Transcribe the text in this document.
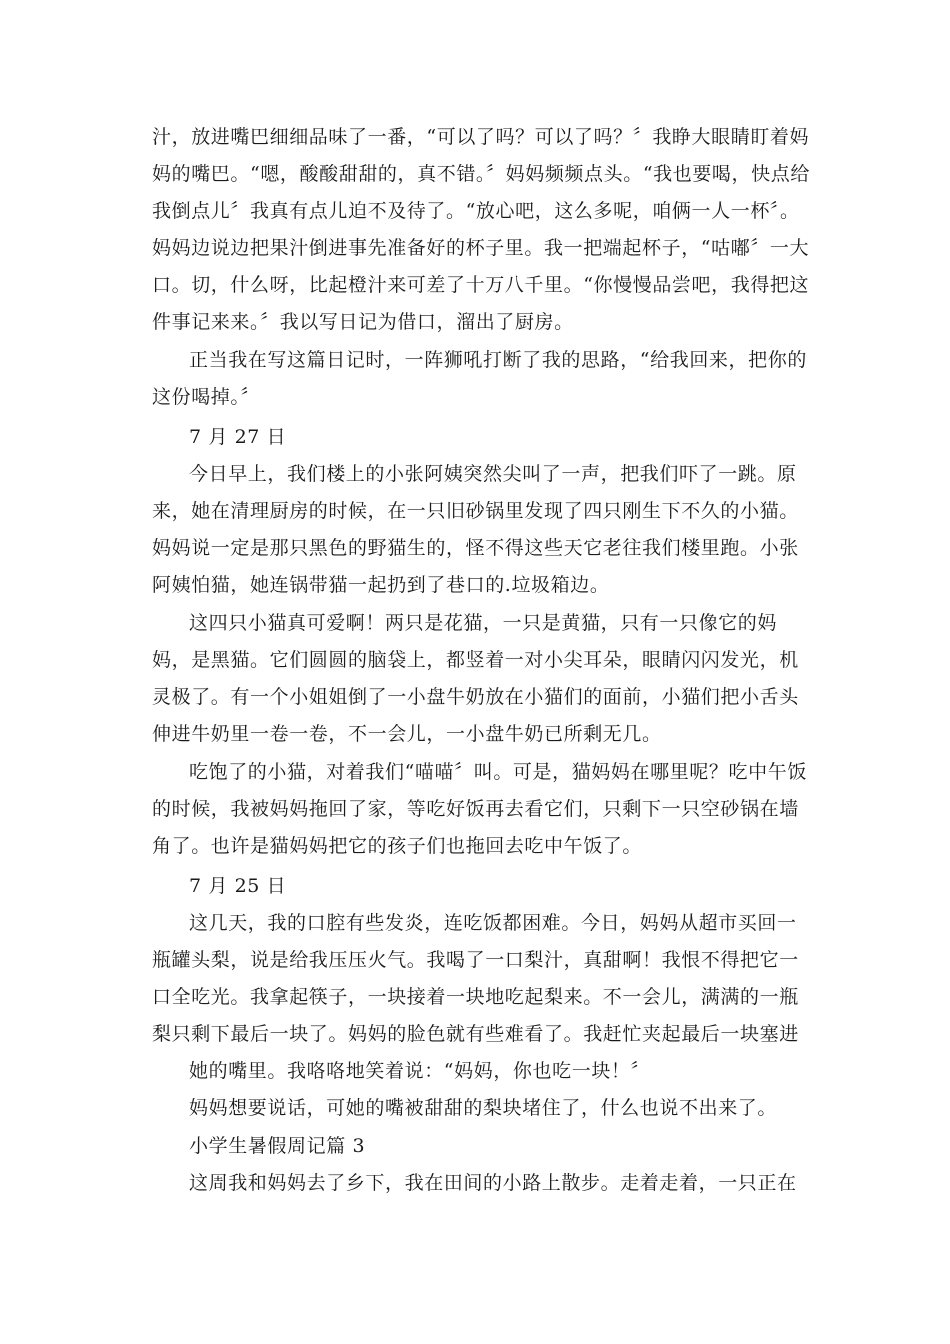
汁，放进嘴巴细细品味了一番，“可以了吗？可以了吗？〞我睁大眼睛盯着妈
妈的嘴巴。“嗯，酸酸甜甜的，真不错。〞妈妈频频点头。“我也要喝，快点给
我倒点儿〞我真有点儿迫不及待了。“放心吧，这么多呢，咱俩一人一杯〞。
妈妈边说边把果汁倒进事先准备好的杯子里。我一把端起杯子，“咕嘟〞一大
口。切，什么呀，比起橙汁来可差了十万八千里。“你慢慢品尝吧，我得把这
件事记来来。〞我以写日记为借口，溜出了厨房。
正当我在写这篇日记时，一阵狮吼打断了我的思路，“给我回来，把你的
这份喝掉。〞
7 月 27 日
今日早上，我们楼上的小张阿姨突然尖叫了一声，把我们吓了一跳。原
来，她在清理厨房的时候，在一只旧砂锅里发现了四只刚生下不久的小猫。
妈妈说一定是那只黑色的野猫生的，怪不得这些天它老往我们楼里跑。小张
阿姨怕猫，她连锅带猫一起扔到了巷口的.垃圾箱边。
这四只小猫真可爱啊！两只是花猫，一只是黄猫，只有一只像它的妈
妈，是黑猫。它们圆圆的脑袋上，都竖着一对小尖耳朵，眼睛闪闪发光，机
灵极了。有一个小姐姐倒了一小盘牛奶放在小猫们的面前，小猫们把小舌头
伸进牛奶里一卷一卷，不一会儿，一小盘牛奶已所剩无几。
吃饱了的小猫，对着我们“喵喵〞叫。可是，猫妈妈在哪里呢？吃中午饭
的时候，我被妈妈拖回了家，等吃好饭再去看它们，只剩下一只空砂锅在墙
角了。也许是猫妈妈把它的孩子们也拖回去吃中午饭了。
7 月 25 日
这几天，我的口腔有些发炎，连吃饭都困难。今日，妈妈从超市买回一
瓶罐头梨，说是给我压压火气。我喝了一口梨汁，真甜啊！我恨不得把它一
口全吃光。我拿起筷子，一块接着一块地吃起梨来。不一会儿，满满的一瓶
梨只剩下最后一块了。妈妈的脸色就有些难看了。我赶忙夹起最后一块塞进
她的嘴里。我咯咯地笑着说：“妈妈，你也吃一块！〞
妈妈想要说话，可她的嘴被甜甜的梨块堵住了，什么也说不出来了。
小学生暑假周记篇 3
这周我和妈妈去了乡下，我在田间的小路上散步。走着走着，一只正在
